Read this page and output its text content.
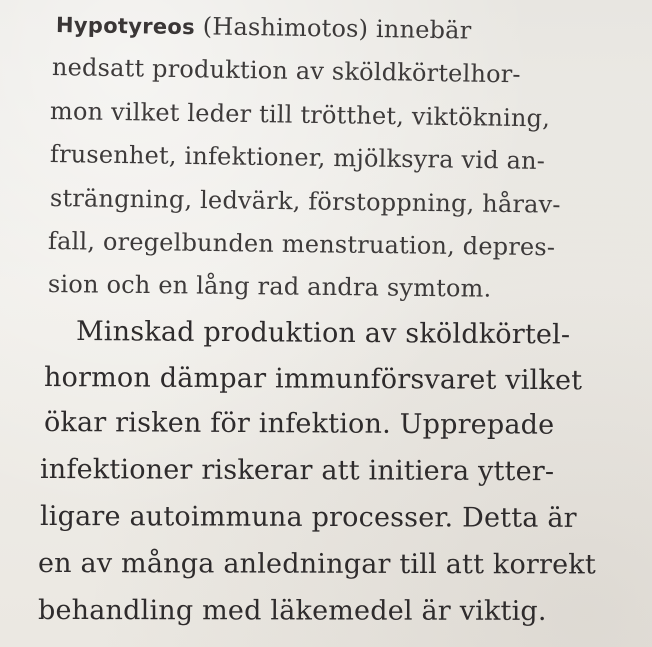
Hypotyreos (Hashimotos) innebär
nedsatt produktion av sköldkörtelhor-
mon vilket leder till trötthet, viktökning,
frusenhet, infektioner, mjölksyra vid an-
strängning, ledvärk, förstoppning, hårav-
fall, oregelbunden menstruation, depres-
sion och en lång rad andra symtom.
Minskad produktion av sköldkörtel-
hormon dämpar immunförsvaret vilket
ökar risken för infektion. Upprepade
infektioner riskerar att initiera ytter-
ligare autoimmuna processer. Detta är
en av många anledningar till att korrekt
behandling med läkemedel är viktig.
